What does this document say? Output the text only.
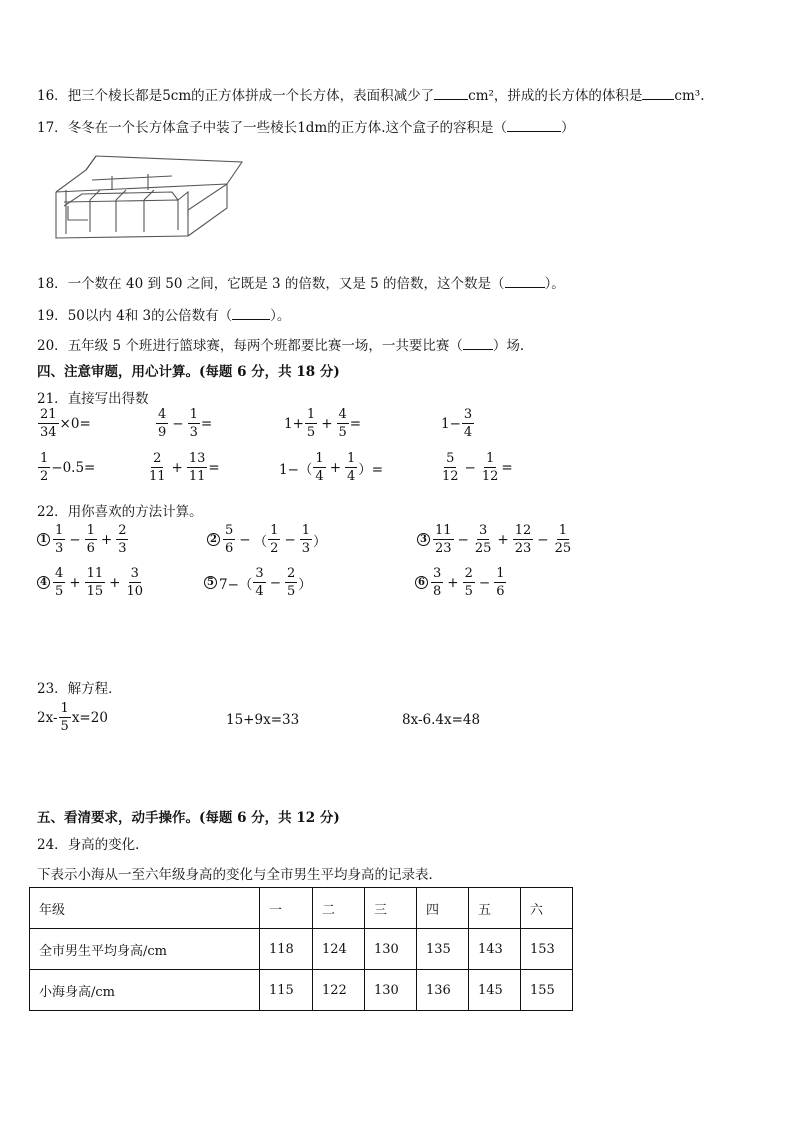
16．把三个棱长都是5cm的正方体拼成一个长方体，表面积减少了	cm²，拼成的长方体的体积是 cm³.
17．冬冬在一个长方体盒子中装了一些棱长1dm的正方体.这个盒子的容积是（	）
18．一个数在 40 到 50 之间，它既是 3 的倍数，又是 5 的倍数，这个数是（	）。
19．50以内 4和 3的公倍数有（	）。
20．五年级 5 个班进行篮球赛，每两个班都要比赛一场，一共要比赛（ ）场.
四、注意审题，用心计算。(每题 6 分，共 18 分)
21．直接写出得数
$\frac{21}{34} \times 0=$	$\frac{4}{9} - \frac{1}{3}$ =	$1+ \frac{1}{5} + \frac{4}{5}$ =	$1- \frac{3}{4}$
$\frac{1}{2} -0.5=$	$\frac{2}{11} + \frac{13}{11}$ =	$1-( \frac{1}{4} + \frac{1}{4}$ ）=	$\frac{5}{12} - \frac{1}{12}$ =
22．用你喜欢的方法计算。
$1 \frac{1}{3} - \frac{1}{6} + \frac{2}{3}$	$2 \frac{5}{6}$ − （ $\frac{1}{2} - \frac{1}{3}$ ）	$3 \frac{11}{23} - \frac{3}{25} + \frac{12}{23} - \frac{1}{25}$
$4 \frac{4}{5} + \frac{11}{15} + \frac{3}{10}$	5 $7-( \frac{3}{4} - \frac{2}{5}$ ）	$6 \frac{3}{8} + \frac{2}{5} - \frac{1}{6}$
23．解方程．
$2x- \frac{1}{5} x=20$	15+9x=33	8x-6.4x=48
五、看清要求，动手操作。(每题 6 分，共 12 分)
24．身高的变化．
下表示小海从一至六年级身高的变化与全市男生平均身高的记录表．
年级	一	二	三	四	五	六
全市男生平均身高/cm	118	124	130	135	143	153
小海身高/cm	115	122	130	136	145	155
